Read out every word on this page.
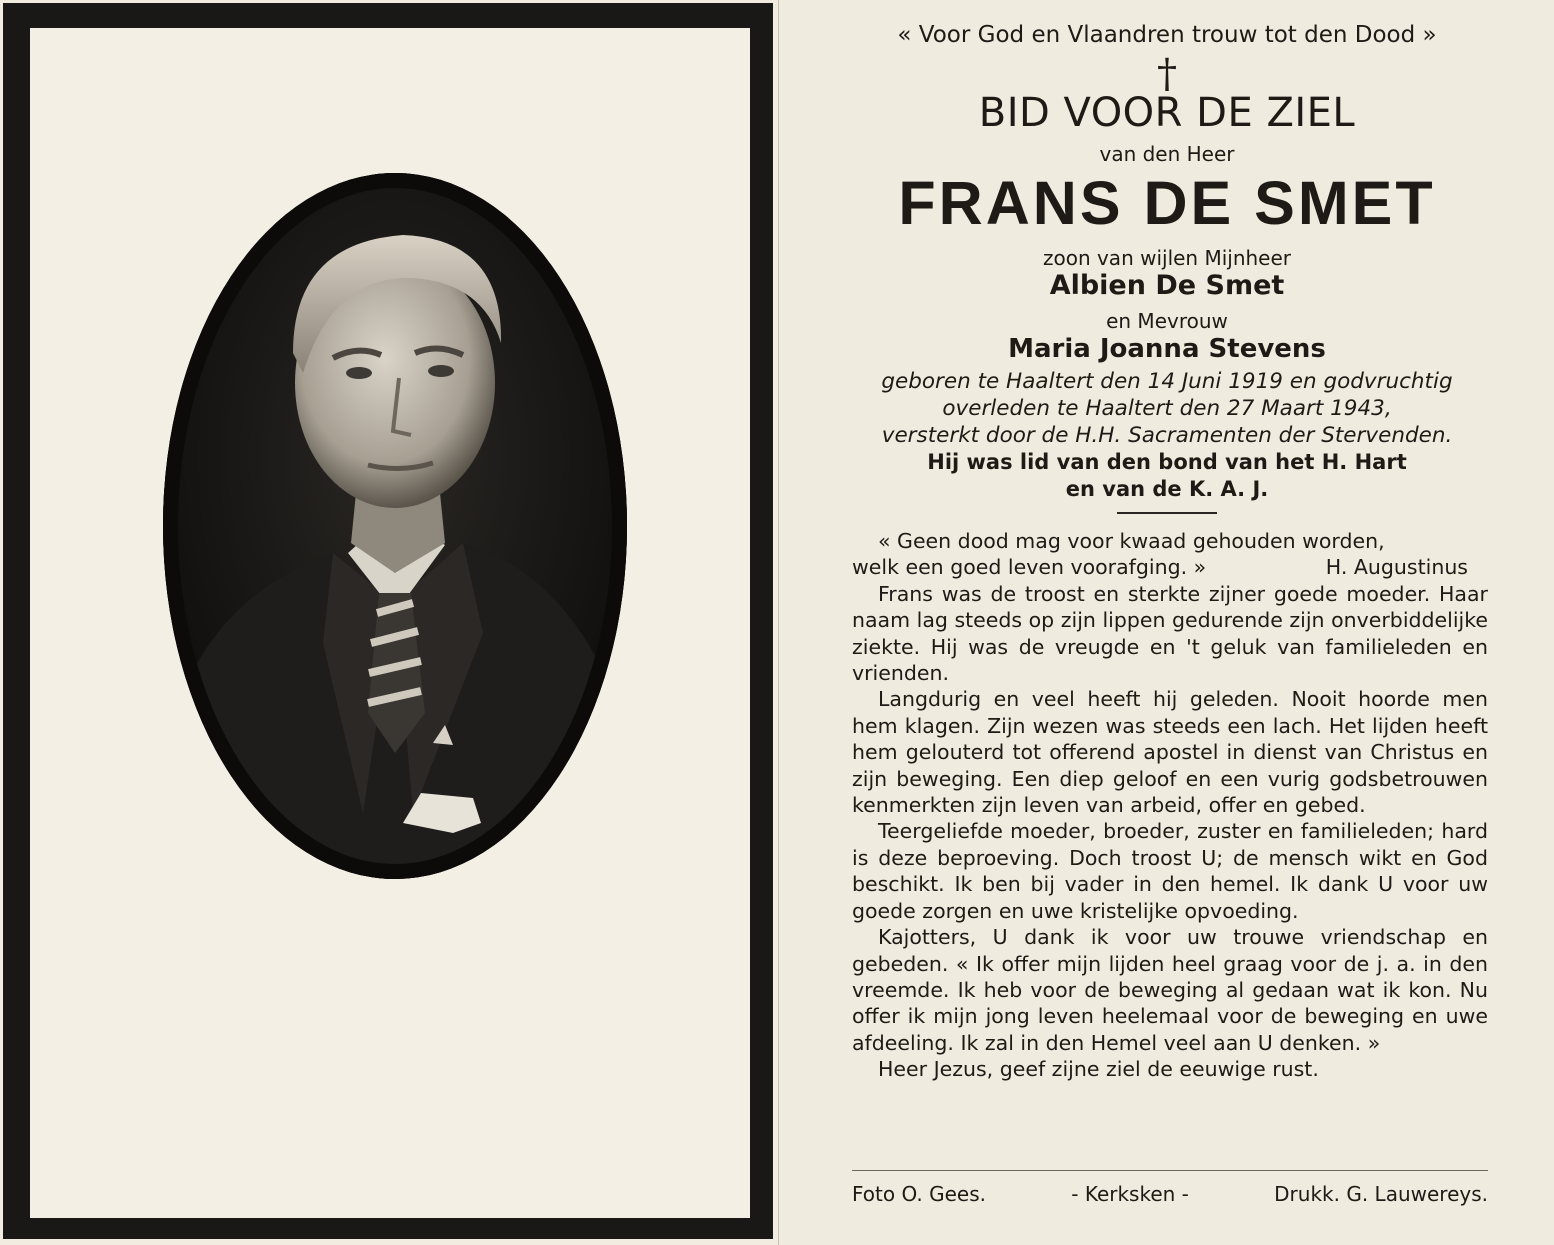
« Voor God en Vlaandren trouw tot den Dood »

†

BID VOOR DE ZIEL

van den Heer

FRANS DE SMET

zoon van wijlen Mijnheer

Albien De Smet

en Mevrouw

Maria Joanna Stevens

geboren te Haaltert den 14 Juni 1919 en godvruchtig

overleden te Haaltert den 27 Maart 1943,

versterkt door de H.H. Sacramenten der Stervenden.

Hij was lid van den bond van het H. Hart

en van de K. A. J.

« Geen dood mag voor kwaad gehouden worden,

welk een goed leven voorafging. »	H. Augustinus

Frans was de troost en sterkte zijner goede moeder. Haar naam lag steeds op zijn lippen gedurende zijn onverbiddelijke ziekte. Hij was de vreugde en 't geluk van familieleden en vrienden.

Langdurig en veel heeft hij geleden. Nooit hoorde men hem klagen. Zijn wezen was steeds een lach. Het lijden heeft hem gelouterd tot offerend apostel in dienst van Christus en zijn beweging. Een diep geloof en een vurig godsbetrouwen kenmerkten zijn leven van arbeid, offer en gebed.

Teergeliefde moeder, broeder, zuster en familieleden; hard is deze beproeving. Doch troost U; de mensch wikt en God beschikt. Ik ben bij vader in den hemel. Ik dank U voor uw goede zorgen en uwe kristelijke opvoeding.

Kajotters, U dank ik voor uw trouwe vriendschap en gebeden. « Ik offer mijn lijden heel graag voor de j. a. in den vreemde. Ik heb voor de beweging al gedaan wat ik kon. Nu offer ik mijn jong leven heelemaal voor de beweging en uwe afdeeling. Ik zal in den Hemel veel aan U denken. »

Heer Jezus, geef zijne ziel de eeuwige rust.

Foto O. Gees.	- Kerksken -	Drukk. G. Lauwereys.
